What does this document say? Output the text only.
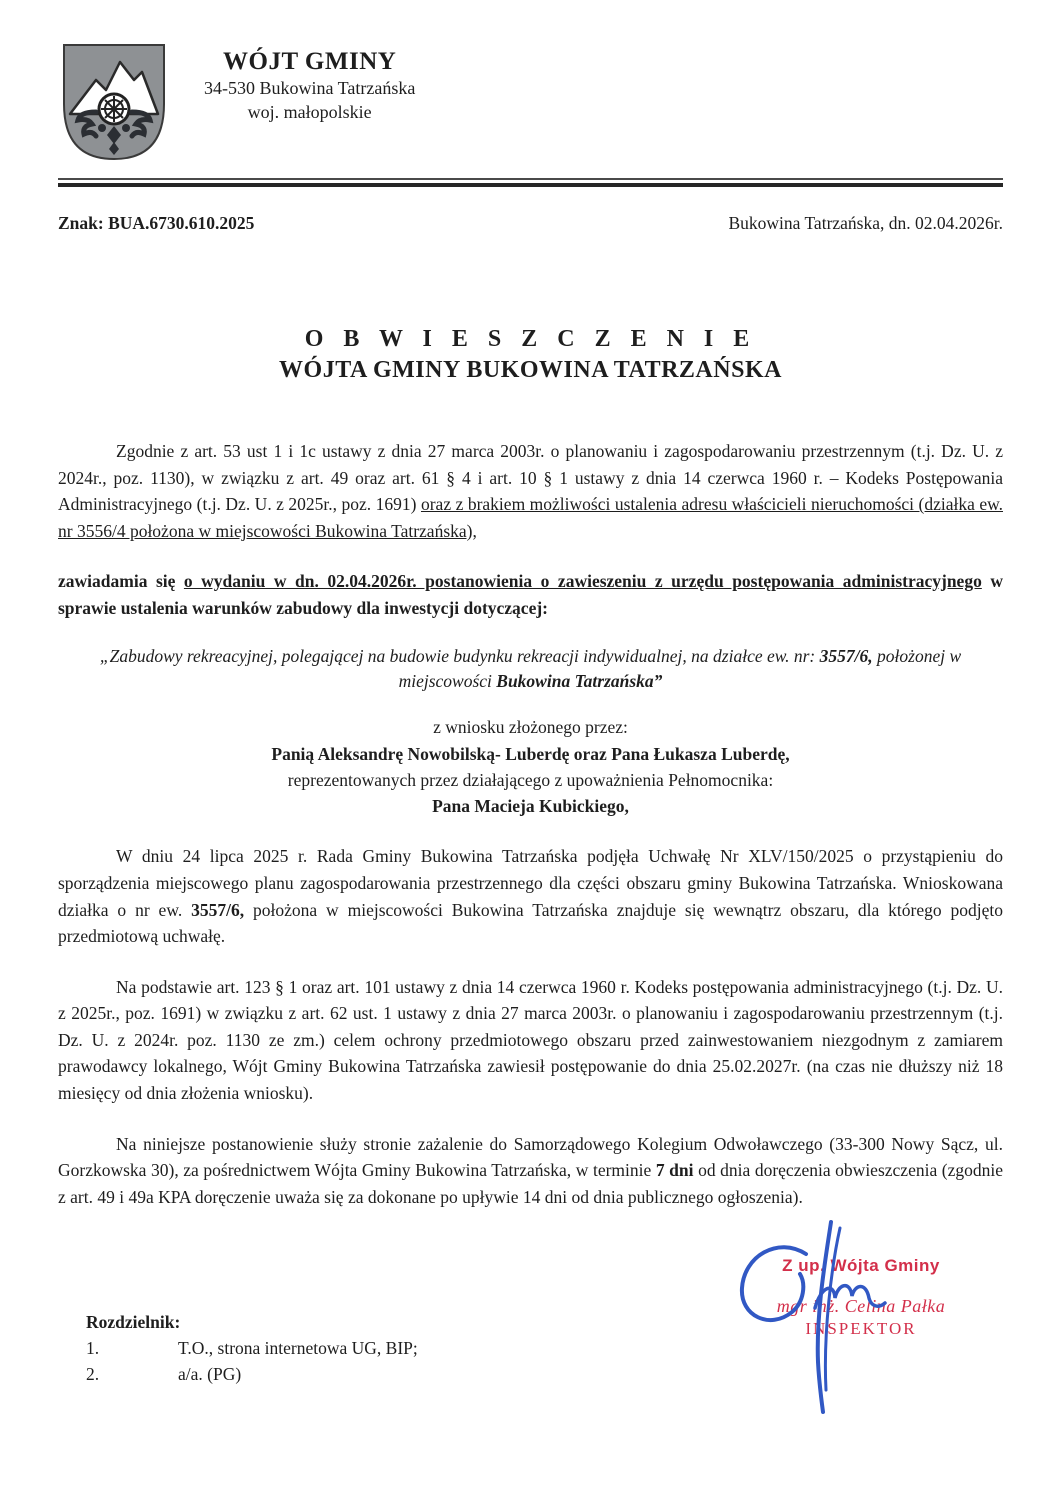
WÓJT GMINY
34-530 Bukowina Tatrzańska
woj. małopolskie
Znak: BUA.6730.610.2025	Bukowina Tatrzańska, dn. 02.04.2026r.
O B W I E S Z C Z E N I E
WÓJTA GMINY BUKOWINA TATRZAŃSKA

Zgodnie z art. 53 ust 1 i 1c ustawy z dnia 27 marca 2003r. o planowaniu i zagospodarowaniu przestrzennym (t.j. Dz. U. z 2024r., poz. 1130), w związku z art. 49 oraz art. 61 § 4 i art. 10 § 1 ustawy z dnia 14 czerwca 1960 r. – Kodeks Postępowania Administracyjnego (t.j. Dz. U. z 2025r., poz. 1691) oraz z brakiem możliwości ustalenia adresu właścicieli nieruchomości (działka ew. nr 3556/4 położona w miejscowości Bukowina Tatrzańska),

zawiadamia się o wydaniu w dn. 02.04.2026r. postanowienia o zawieszeniu z urzędu postępowania administracyjnego w sprawie ustalenia warunków zabudowy dla inwestycji dotyczącej:

„Zabudowy rekreacyjnej, polegającej na budowie budynku rekreacji indywidualnej, na działce ew. nr: 3557/6, położonej w miejscowości Bukowina Tatrzańska”

z wniosku złożonego przez:
Panią Aleksandrę Nowobilską- Luberdę oraz Pana Łukasza Luberdę,
reprezentowanych przez działającego z upoważnienia Pełnomocnika:
Pana Macieja Kubickiego,

W dniu 24 lipca 2025 r. Rada Gminy Bukowina Tatrzańska podjęła Uchwałę Nr XLV/150/2025 o przystąpieniu do sporządzenia miejscowego planu zagospodarowania przestrzennego dla części obszaru gminy Bukowina Tatrzańska. Wnioskowana działka o nr ew. 3557/6, położona w miejscowości Bukowina Tatrzańska znajduje się wewnątrz obszaru, dla którego podjęto przedmiotową uchwałę.

Na podstawie art. 123 § 1 oraz art. 101 ustawy z dnia 14 czerwca 1960 r. Kodeks postępowania administracyjnego (t.j. Dz. U. z 2025r., poz. 1691) w związku z art. 62 ust. 1 ustawy z dnia 27 marca 2003r. o planowaniu i zagospodarowaniu przestrzennym (t.j. Dz. U. z 2024r. poz. 1130 ze zm.) celem ochrony przedmiotowego obszaru przed zainwestowaniem niezgodnym z zamiarem prawodawcy lokalnego, Wójt Gminy Bukowina Tatrzańska zawiesił postępowanie do dnia 25.02.2027r. (na czas nie dłuższy niż 18 miesięcy od dnia złożenia wniosku).

Na niniejsze postanowienie służy stronie zażalenie do Samorządowego Kolegium Odwoławczego (33-300 Nowy Sącz, ul. Gorzkowska 30), za pośrednictwem Wójta Gminy Bukowina Tatrzańska, w terminie 7 dni od dnia doręczenia obwieszczenia (zgodnie z art. 49 i 49a KPA doręczenie uważa się za dokonane po upływie 14 dni od dnia publicznego ogłoszenia).

Z up. Wójta Gminy
mgr inż. Celina Pałka
INSPEKTOR
Rozdzielnik:
1.	T.O., strona internetowa UG, BIP;
2.	a/a. (PG)
